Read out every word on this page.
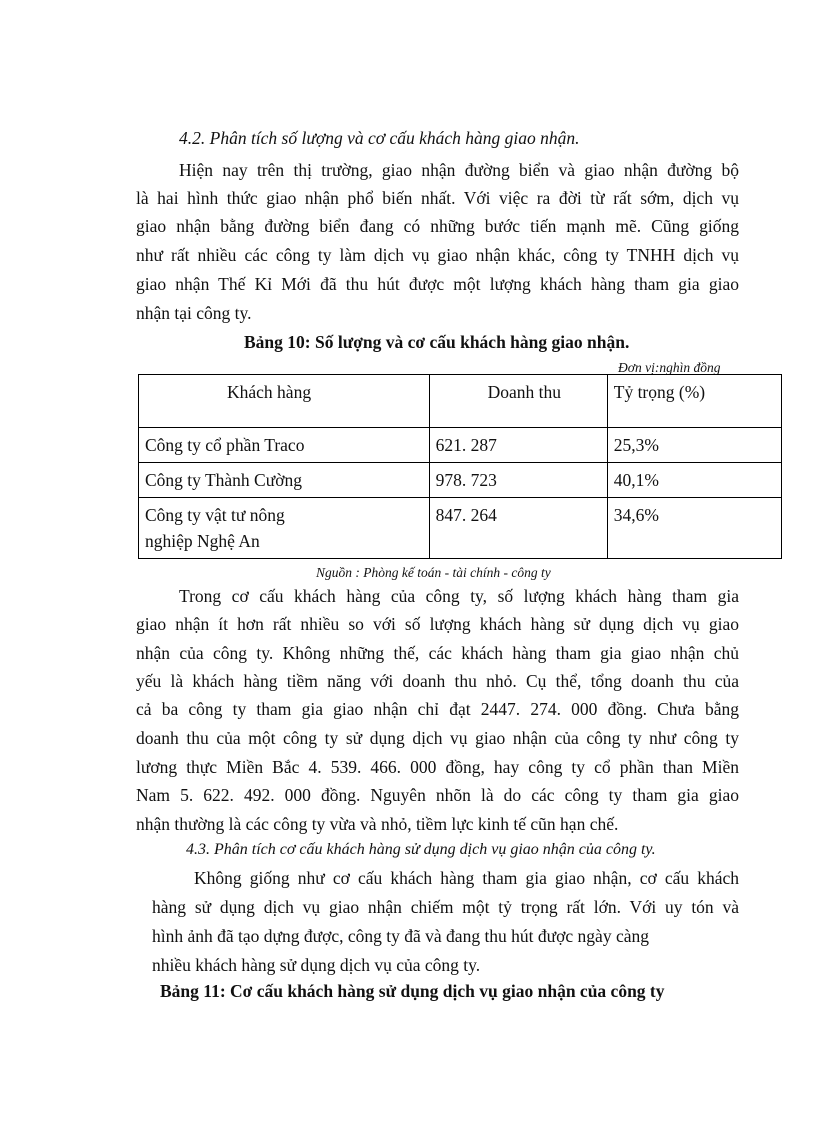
4.2. Phân tích số lượng và cơ cấu khách hàng giao nhận.
Hiện nay trên thị trường, giao nhận đường biển và giao nhận đường bộ
là hai hình thức giao nhận phổ biến nhất. Với việc ra đời từ rất sớm, dịch vụ
giao nhận bằng đường biển đang có những bước tiến mạnh mẽ. Cũng giống
như rất nhiều các công ty làm dịch vụ giao nhận khác, công ty TNHH dịch vụ
giao nhận Thế Kỉ Mới đã thu hút được một lượng khách hàng tham gia giao
nhận tại công ty.
Bảng 10: Số lượng và cơ cấu khách hàng giao nhận.
Đơn vị:nghìn đồng
Khách hàng	Doanh thu	Tỷ trọng (%)
Công ty cổ phần Traco	621. 287	25,3%
Công ty Thành Cường	978. 723	40,1%
Công ty vật tư nông
nghiệp Nghệ An	847. 264	34,6%
Nguồn : Phòng kế toán - tài chính - công ty
Trong cơ cấu khách hàng của công ty, số lượng khách hàng tham gia
giao nhận ít hơn rất nhiều so với số lượng khách hàng sử dụng dịch vụ giao
nhận của công ty. Không những thế, các khách hàng tham gia giao nhận chủ
yếu là khách hàng tiềm năng với doanh thu nhỏ. Cụ thể, tổng doanh thu của
cả ba công ty tham gia giao nhận chỉ đạt 2447. 274. 000 đồng. Chưa bằng
doanh thu của một công ty sử dụng dịch vụ giao nhận của công ty như công ty
lương thực Miền Bắc 4. 539. 466. 000 đồng, hay công ty cổ phần than Miền
Nam 5. 622. 492. 000 đồng. Nguyên nhõn là do các công ty tham gia giao
nhận thường là các công ty vừa và nhỏ, tiềm lực kinh tế cũn hạn chế.
4.3. Phân tích cơ cấu khách hàng sử dụng dịch vụ giao nhận của công ty.
Không giống như cơ cấu khách hàng tham gia giao nhận, cơ cấu khách
hàng sử dụng dịch vụ giao nhận chiếm một tỷ trọng rất lớn. Với uy tón và
hình ảnh đã tạo dựng được, công ty đã và đang thu hút được ngày càng
nhiều khách hàng sử dụng dịch vụ của công ty.
Bảng 11: Cơ cấu khách hàng sử dụng dịch vụ giao nhận của công ty
